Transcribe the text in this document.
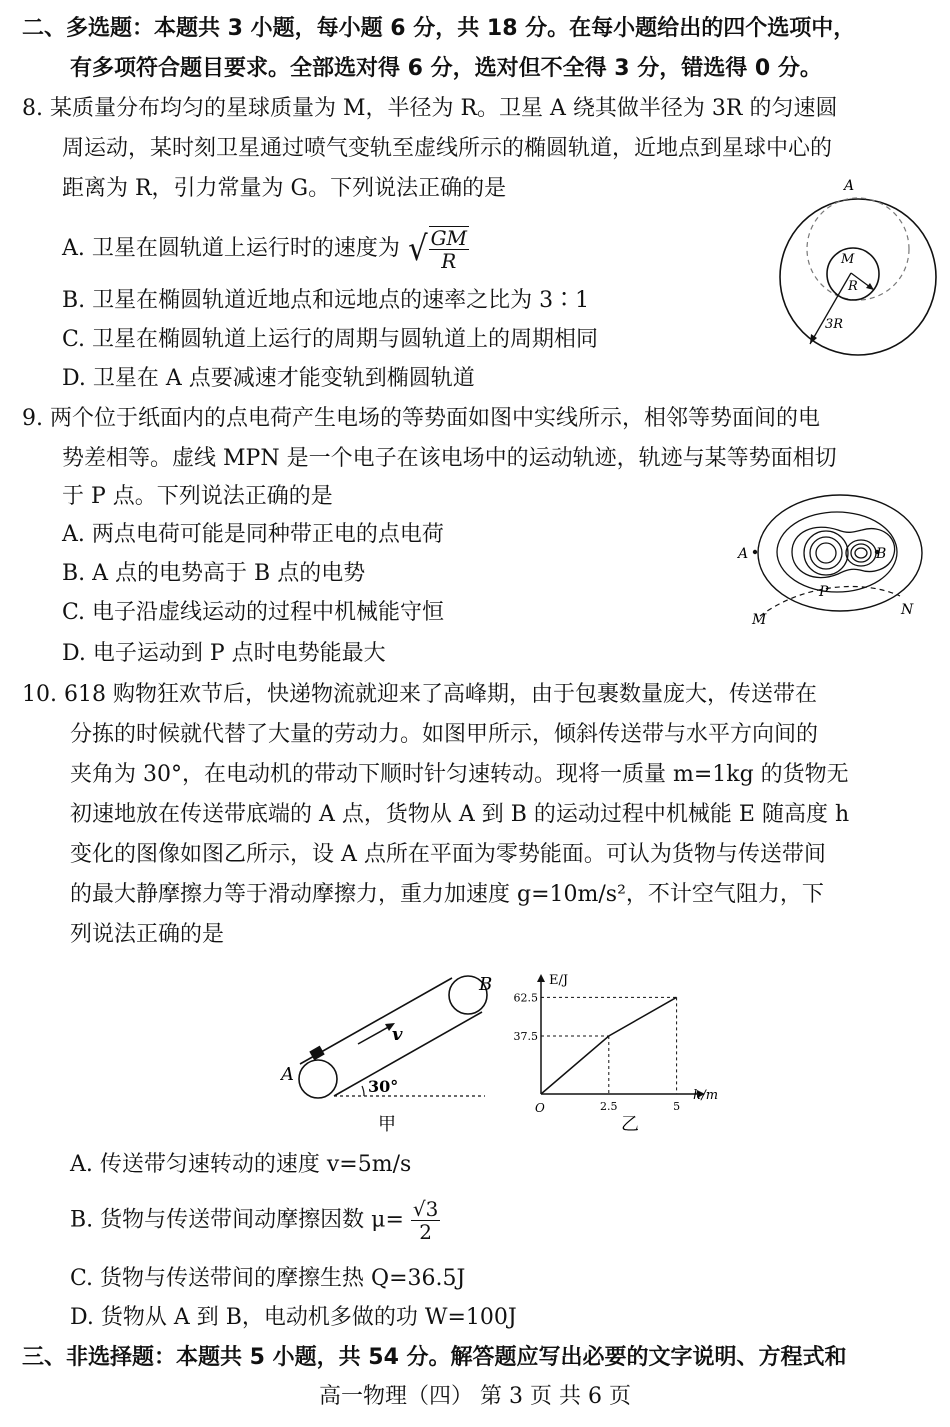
二、多选题：本题共 3 小题，每小题 6 分，共 18 分。在每小题给出的四个选项中，
有多项符合题目要求。全部选对得 6 分，选对但不全得 3 分，错选得 0 分。
8. 某质量分布均匀的星球质量为 M，半径为 R。卫星 A 绕其做半径为 3R 的匀速圆
周运动，某时刻卫星通过喷气变轨至虚线所示的椭圆轨道，近地点到星球中心的
距离为 R，引力常量为 G。下列说法正确的是
A. 卫星在圆轨道上运行时的速度为 √ $\frac{GM}{R}$
B. 卫星在椭圆轨道近地点和远地点的速率之比为 3∶1
C. 卫星在椭圆轨道上运行的周期与圆轨道上的周期相同
D. 卫星在 A 点要减速才能变轨到椭圆轨道
A
M
R
3R
9. 两个位于纸面内的点电荷产生电场的等势面如图中实线所示，相邻等势面间的电
势差相等。虚线 MPN 是一个电子在该电场中的运动轨迹，轨迹与某等势面相切
于 P 点。下列说法正确的是
A. 两点电荷可能是同种带正电的点电荷
B. A 点的电势高于 B 点的电势
C. 电子沿虚线运动的过程中机械能守恒
D. 电子运动到 P 点时电势能最大
A	B
P
M
N
10. 618 购物狂欢节后，快递物流就迎来了高峰期，由于包裹数量庞大，传送带在
分拣的时候就代替了大量的劳动力。如图甲所示，倾斜传送带与水平方向间的
夹角为 30°，在电动机的带动下顺时针匀速转动。现将一质量 m=1kg 的货物无
初速地放在传送带底端的 A 点，货物从 A 到 B 的运动过程中机械能 E 随高度 h
变化的图像如图乙所示，设 A 点所在平面为零势能面。可认为货物与传送带间
的最大静摩擦力等于滑动摩擦力，重力加速度 g=10m/s²，不计空气阻力，下
列说法正确的是
A
B
v
30°
甲
E/J
h/m
O
37.5
62.5
2.5	5
乙
A. 传送带匀速转动的速度 v=5m/s
B. 货物与传送带间动摩擦因数 $\mu= \frac{√3}{2}$
C. 货物与传送带间的摩擦生热 Q=36.5J
D. 货物从 A 到 B，电动机多做的功 W=100J
三、非选择题：本题共 5 小题，共 54 分。解答题应写出必要的文字说明、方程式和
高一物理（四） 第 3 页 共 6 页
